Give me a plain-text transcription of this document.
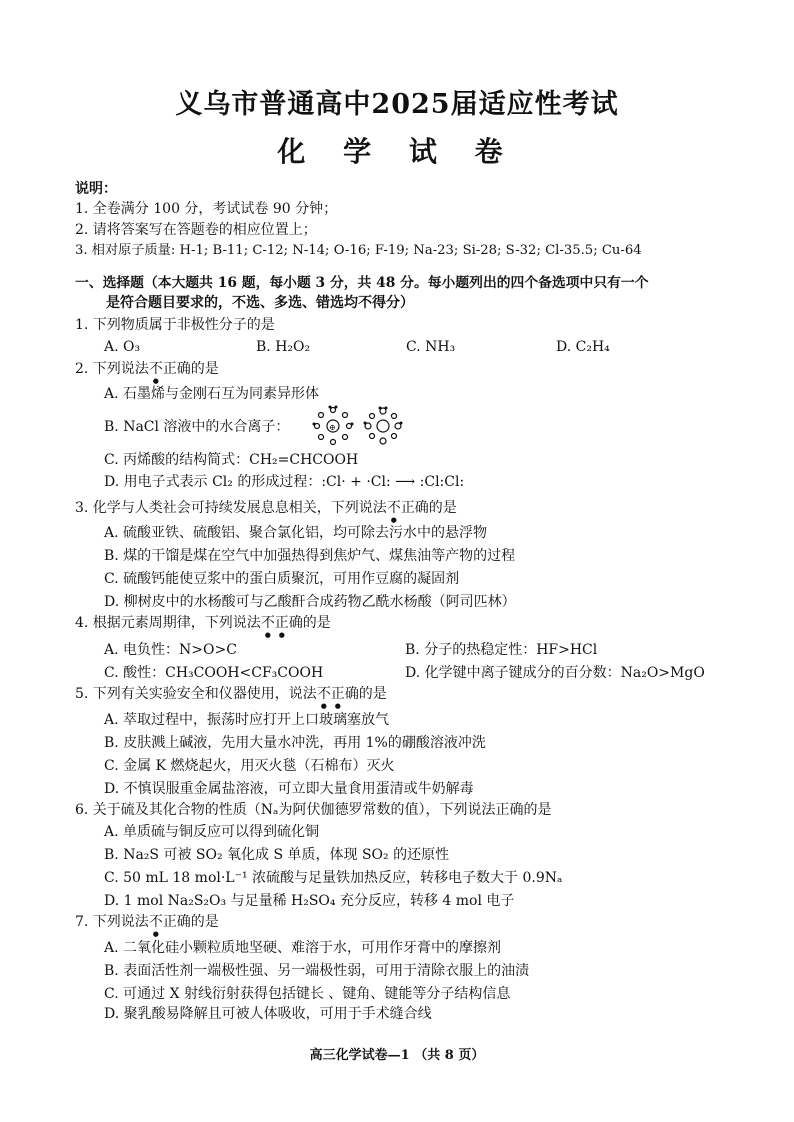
义乌市普通高中2025届适应性考试
化 学 试 卷
说明：
1. 全卷满分 100 分，考试试卷 90 分钟；
2. 请将答案写在答题卷的相应位置上；
3. 相对原子质量: H-1; B-11; C-12; N-14; O-16; F-19; Na-23; Si-28; S-32; Cl-35.5; Cu-64
一、选择题（本大题共 16 题，每小题 3 分，共 48 分。每小题列出的四个备选项中只有一个
是符合题目要求的，不选、多选、错选均不得分）
1. 下列物质属于非极性分子的是
A. O₃	B. H₂O₂	C. NH₃	D. C₂H₄
2. 下列说法不正确的是
A. 石墨烯与金刚石互为同素异形体
B. NaCl 溶液中的水合离子：	⊕
C. 丙烯酸的结构简式：CH₂=CHCOOH
D. 用电子式表示 Cl₂ 的形成过程：:Cl· + ·Cl: ⟶ :Cl:Cl:
3. 化学与人类社会可持续发展息息相关，下列说法不正确的是
A. 硫酸亚铁、硫酸铝、聚合氯化铝，均可除去污水中的悬浮物
B. 煤的干馏是煤在空气中加强热得到焦炉气、煤焦油等产物的过程
C. 硫酸钙能使豆浆中的蛋白质聚沉，可用作豆腐的凝固剂
D. 柳树皮中的水杨酸可与乙酸酐合成药物乙酰水杨酸（阿司匹林）
4. 根据元素周期律，下列说法不正确的是
A. 电负性：N>O>C	B. 分子的热稳定性：HF>HCl
C. 酸性：CH₃COOH<CF₃COOH	D. 化学键中离子键成分的百分数：Na₂O>MgO
5. 下列有关实验安全和仪器使用，说法不正确的是
A. 萃取过程中，振荡时应打开上口玻璃塞放气
B. 皮肤溅上碱液，先用大量水冲洗，再用 1%的硼酸溶液冲洗
C. 金属 K 燃烧起火，用灭火毯（石棉布）灭火
D. 不慎误服重金属盐溶液，可立即大量食用蛋清或牛奶解毒
6. 关于硫及其化合物的性质（Nₐ为阿伏伽德罗常数的值），下列说法正确的是
A. 单质硫与铜反应可以得到硫化铜
B. Na₂S 可被 SO₂ 氧化成 S 单质，体现 SO₂ 的还原性
C. 50 mL 18 mol·L⁻¹ 浓硫酸与足量铁加热反应，转移电子数大于 0.9Nₐ
D. 1 mol Na₂S₂O₃ 与足量稀 H₂SO₄ 充分反应，转移 4 mol 电子
7. 下列说法不正确的是
A. 二氧化硅小颗粒质地坚硬、难溶于水，可用作牙膏中的摩擦剂
B. 表面活性剂一端极性强、另一端极性弱，可用于清除衣服上的油渍
C. 可通过 X 射线衍射获得包括键长 、键角、键能等分子结构信息
D. 聚乳酸易降解且可被人体吸收，可用于手术缝合线
高三化学试卷—1 （共 8 页）
